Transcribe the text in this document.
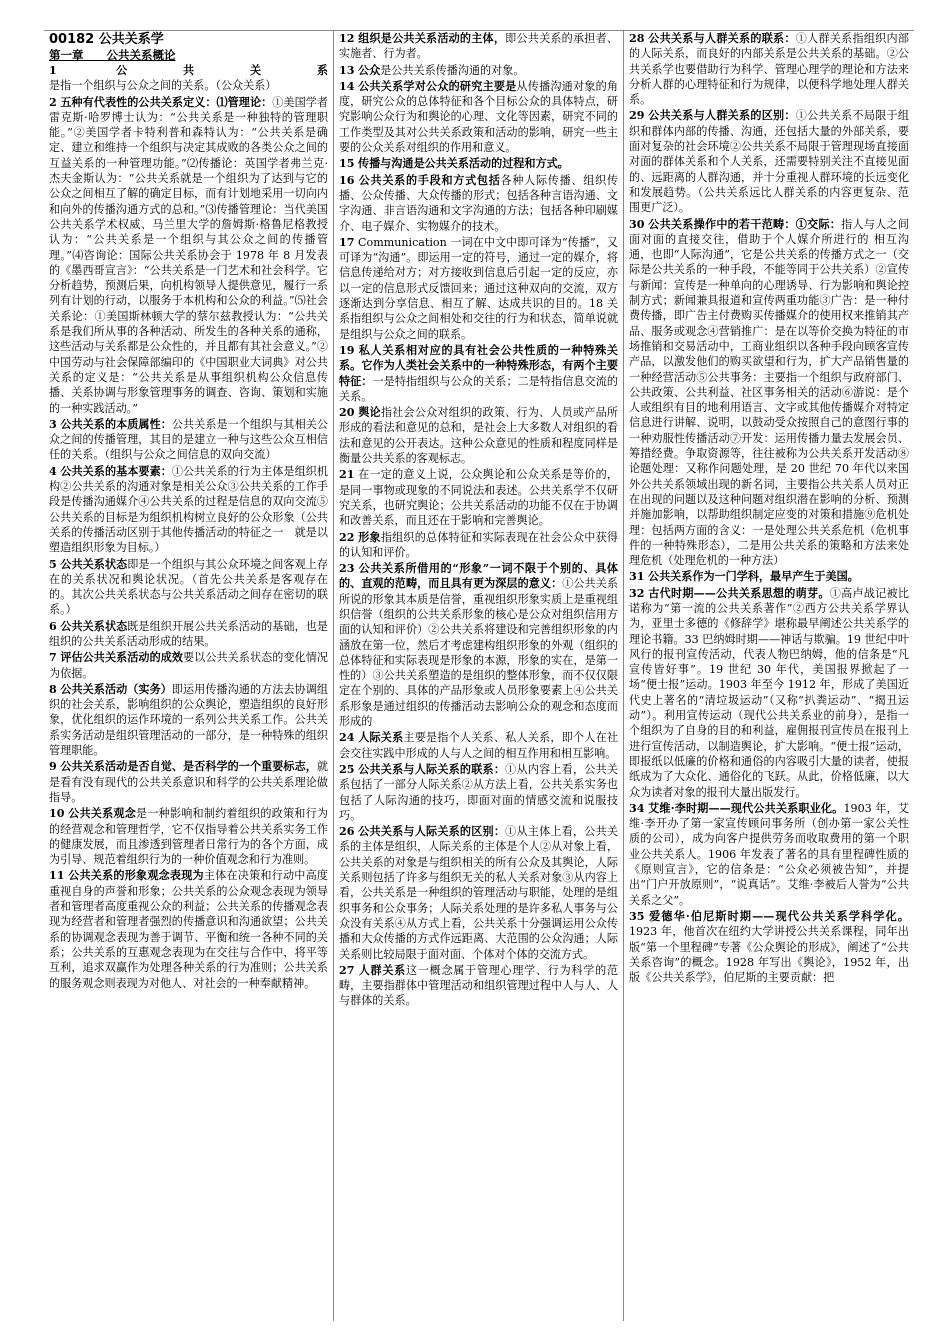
00182 公共关系学
第一章　　公共关系概论
1	公共关系是指一个组织与公众之间的关系。（公众关系）
2 五种有代表性的公共关系定义：⑴管理论：①美国学者雷克斯·哈罗博士认为：“公共关系是一种独特的管理职能。”②美国学者卡特利普和森特认为：“公共关系是确定、建立和维持一个组织与决定其成败的各类公众之间的互益关系的一种管理功能。”⑵传播论：英国学者弗兰克·杰夫金斯认为：“公共关系就是一个组织为了达到与它的公众之间相互了解的确定目标，而有计划地采用一切向内和向外的传播沟通方式的总和。”⑶传播管理论：当代美国公共关系学术权威、马兰里大学的詹姆斯·格鲁尼格教授认为：“公共关系是一个组织与其公众之间的传播管理。”⑷咨询论：国际公共关系协会于 1978 年 8 月发表的《墨西哥宣言》：“公共关系是一门艺术和社会科学。它分析趋势，预测后果，向机构领导人提供意见，履行一系列有计划的行动，以服务于本机构和公众的利益。”⑸社会关系论：①美国斯林顿大学的蔡尔兹教授认为：“公共关系是我们所从事的各种活动、所发生的各种关系的通称，这些活动与关系都是公众性的，并且都有其社会意义。”②中国劳动与社会保障部编印的《中国职业大词典》对公共关系的定义是：“公共关系是从事组织机构公众信息传播、关系协调与形象管理事务的调查、咨询、策划和实施的一种实践活动。”
3 公共关系的本质属性：公共关系是一个组织与其相关公众之间的传播管理，其目的是建立一种与这些公众互相信任的关系。（组织与公众之间信息的双向交流）
4 公共关系的基本要素：①公共关系的行为主体是组织机构②公共关系的沟通对象是相关公众③公共关系的工作手段是传播沟通媒介④公共关系的过程是信息的双向交流⑤公共关系的目标是为组织机构树立良好的公众形象（公共关系的传播活动区别于其他传播活动的特征之一　就是以塑造组织形象为目标。）
5 公共关系状态即是一个组织与其公众环境之间客观上存在的关系状况和舆论状况。（首先公共关系是客观存在的。其次公共关系状态与公共关系活动之间存在密切的联系。）
6 公共关系状态既是组织开展公共关系活动的基础，也是组织的公共关系活动形成的结果。
7 评估公共关系活动的成效要以公共关系状态的变化情况为依据。
8 公共关系活动（实务）即运用传播沟通的方法去协调组织的社会关系，影响组织的公众舆论，塑造组织的良好形象，优化组织的运作环境的一系列公共关系工作。公共关系实务活动是组织管理活动的一部分，是一种特殊的组织管理职能。
9 公共关系活动是否自觉、是否科学的一个重要标志，就是看有没有现代的公共关系意识和科学的公共关系理论做指导。
10 公共关系观念是一种影响和制约着组织的政策和行为的经营观念和管理哲学，它不仅指导着公共关系实务工作的健康发展，而且渗透到管理者日常行为的各个方面，成为引导、规范着组织行为的一种价值观念和行为准则。
11 公共关系的形象观念表现为主体在决策和行动中高度重视自身的声誉和形象；公共关系的公众观念表现为领导者和管理者高度重视公众的利益；公共关系的传播观念表现为经营者和管理者强烈的传播意识和沟通欲望；公共关系的协调观念表现为善于调节、平衡和统一各种不同的关系；公共关系的互惠观念表现为在交往与合作中，将平等互利，追求双赢作为处理各种关系的行为准则；公共关系的服务观念则表现为对他人、对社会的一种奉献精神。
12 组织是公共关系活动的主体，即公共关系的承担者、实施者、行为者。
13 公众是公共关系传播沟通的对象。
14 公共关系学对公众的研究主要是从传播沟通对象的角度，研究公众的总体特征和各个目标公众的具体特点，研究影响公众行为和舆论的心理、文化等因素，研究不同的工作类型及其对公共关系政策和活动的影响，研究一些主要的公众关系对组织的作用和意义。
15 传播与沟通是公共关系活动的过程和方式。
16 公共关系的手段和方式包括各种人际传播、组织传播、公众传播、大众传播的形式；包括各种言语沟通、文字沟通、非言语沟通和文字沟通的方法；包括各种印刷媒介、电子媒介、实物媒介的技术。
17 Communication 一词在中文中即可译为“传播”，又可译为“沟通”。即运用一定的符号，通过一定的媒介，将信息传递给对方；对方接收到信息后引起一定的反应，亦以一定的信息形式反馈回来；通过这种双向的交流，双方逐渐达到分享信息、相互了解、达成共识的目的。18 关系指组织与公众之间相处和交往的行为和状态，简单说就是组织与公众之间的联系。
19 私人关系相对应的具有社会公共性质的一种特殊关系。它作为人类社会关系中的一种特殊形态，有两个主要特征：一是特指组织与公众的关系；二是特指信息交流的关系。
20 舆论指社会公众对组织的政策、行为、人员或产品所形成的看法和意见的总和，是社会上大多数人对组织的看法和意见的公开表达。这种公众意见的性质和程度同样是衡量公共关系的客观标志。
21 在一定的意义上说，公众舆论和公众关系是等价的，是同一事物或现象的不同说法和表述。公共关系学不仅研究关系，也研究舆论；公共关系活动的功能不仅在于协调和改善关系，而且还在于影响和完善舆论。
22 形象指组织的总体特征和实际表现在社会公众中获得的认知和评价。
23 公共关系所借用的“形象”一词不限于个别的、具体的、直观的范畴，而且具有更为深层的意义：①公共关系所说的形象其本质是信誉，重视组织形象实质上是重视组织信誉（组织的公共关系形象的核心是公众对组织信用方面的认知和评价）②公共关系将建设和完善组织形象的内涵放在第一位，然后才考虑建构组织形象的外观（组织的总体特征和实际表现是形象的本源，形象的实在，是第一性的）③公共关系塑造的是组织的整体形象，而不仅仅限定在个别的、具体的产品形象或人员形象要素上④公共关系形象是通过组织的传播活动去影响公众的观念和态度而形成的
24 人际关系主要是指个人关系、私人关系，即个人在社会交往实践中形成的人与人之间的相互作用和相互影响。
25 公共关系与人际关系的联系：①从内容上看，公共关系包括了一部分人际关系②从方法上看，公共关系实务也包括了人际沟通的技巧，即面对面的情感交流和说服技巧。
26 公共关系与人际关系的区别：①从主体上看，公共关系的主体是组织，人际关系的主体是个人②从对象上看，公共关系的对象是与组织相关的所有公众及其舆论，人际关系则包括了许多与组织无关的私人关系对象③从内容上看，公共关系是一种组织的管理活动与职能，处理的是组织事务和公众事务；人际关系处理的是许多私人事务与公众没有关系④从方式上看，公共关系十分强调运用公众传播和大众传播的方式作远距离、大范围的公众沟通；人际关系则比较局限于面对面、个体对个体的交流方式。
27 人群关系这一概念属于管理心理学、行为科学的范畴，主要指群体中管理活动和组织管理过程中人与人、人与群体的关系。
28 公共关系与人群关系的联系：①人群关系指组织内部的人际关系，而良好的内部关系是公共关系的基础。②公共关系学也要借助行为科学、管理心理学的理论和方法来分析人群的心理特征和行为规律，以便科学地处理人群关系。
29 公共关系与人群关系的区别：①公共关系不局限于组织和群体内部的传播、沟通，还包括大量的外部关系，要面对复杂的社会环境②公共关系不局限于管理现场直接面对面的群体关系和个人关系，还需要特别关注不直接见面的、远距离的人群沟通，并十分重视人群环境的长远变化和发展趋势。（公共关系远比人群关系的内容更复杂、范围更广泛）。
30 公共关系操作中的若干范畴：①交际：指人与人之间面对面的直接交往，借助于个人媒介所进行的 相互沟通，也即“人际沟通”，它是公共关系的传播方式之一（交际是公共关系的一种手段，不能等同于公共关系）②宣传与新闻：宣传是一种单向的心理诱导、行为影响和舆论控制方式；新闻兼具报道和宣传两重功能③广告：是一种付费传播，即广告主付费购买传播媒介的使用权来推销其产品、服务或观念④营销推广：是在以等价交换为特征的市场推销和交易活动中，工商业组织以各种手段向顾客宣传产品，以激发他们的购买欲望和行为，扩大产品销售量的一种经营活动⑤公共事务：主要指一个组织与政府部门、公共政策、公共利益、社区事务相关的活动⑥游说：是个人或组织有目的地利用语言、文字或其他传播媒介对特定信息进行讲解、说明，以鼓动受众按照自己的意图行事的一种劝服性传播活动⑦开发：运用传播力量去发展会员、筹措经费。争取资源等，往往被称为公共关系开发活动⑧论题处理：又称作问题处理，是 20 世纪 70 年代以来国外公共关系领域出现的新名词，主要指公共关系人员对正在出现的问题以及这种问题对组织潜在影响的分析、预测并施加影响，以帮助组织制定应变的对策和措施⑨危机处理：包括两方面的含义：一是处理公共关系危机（危机事件的一种特殊形态），二是用公共关系的策略和方法来处理危机（处理危机的一种方法）
31 公共关系作为一门学科，最早产生于美国。
32 古代时期——公共关系思想的萌芽。①高卢战记被比诺称为“第一流的公共关系著作”②西方公共关系学界认为，亚里士多德的《修辞学》堪称最早阐述公共关系学的理论书籍。33 巴纳姆时期——神话与欺骗。19 世纪中叶风行的报刊宣传活动，代表人物巴纳姆，他的信条是“凡宣传皆好事”。19 世纪 30 年代，美国报界掀起了一场“便士报”运动。1903 年至今 1912 年，形成了美国近代史上著名的“清垃圾运动”（又称“扒粪运动”、“揭丑运动”）。利用宣传运动（现代公共关系业的前身），是指一个组织为了自身的目的和利益，雇佣报刊宣传员在报刊上进行宣传活动，以制造舆论，扩大影响。“便士报”运动，即报纸以低廉的价格和通俗的内容吸引大量的读者，使报纸成为了大众化、通俗化的飞跃。从此，价格低廉，以大众为读者对象的报刊大量出版发行。
34 艾维·李时期——现代公共关系职业化。1903 年，艾维·李开办了第一家宣传顾问事务所（创办第一家公关性质的公司），成为向客户提供劳务而收取费用的第一个职业公共关系人。1906 年发表了著名的具有里程碑性质的《原则宣言》，它的信条是：“公众必须被告知”，并提出“门户开放原则”，“说真话”。艾维·李被后人誉为“公共关系之父”。
35 爱德华·伯尼斯时期——现代公共关系学科学化。1923 年，他首次在纽约大学讲授公共关系课程，同年出版“第一个里程碑”专著《公众舆论的形成》，阐述了“公共关系咨询”的概念。1928 年写出《舆论》，1952 年，出版《公共关系学》，伯尼斯的主要贡献：把
